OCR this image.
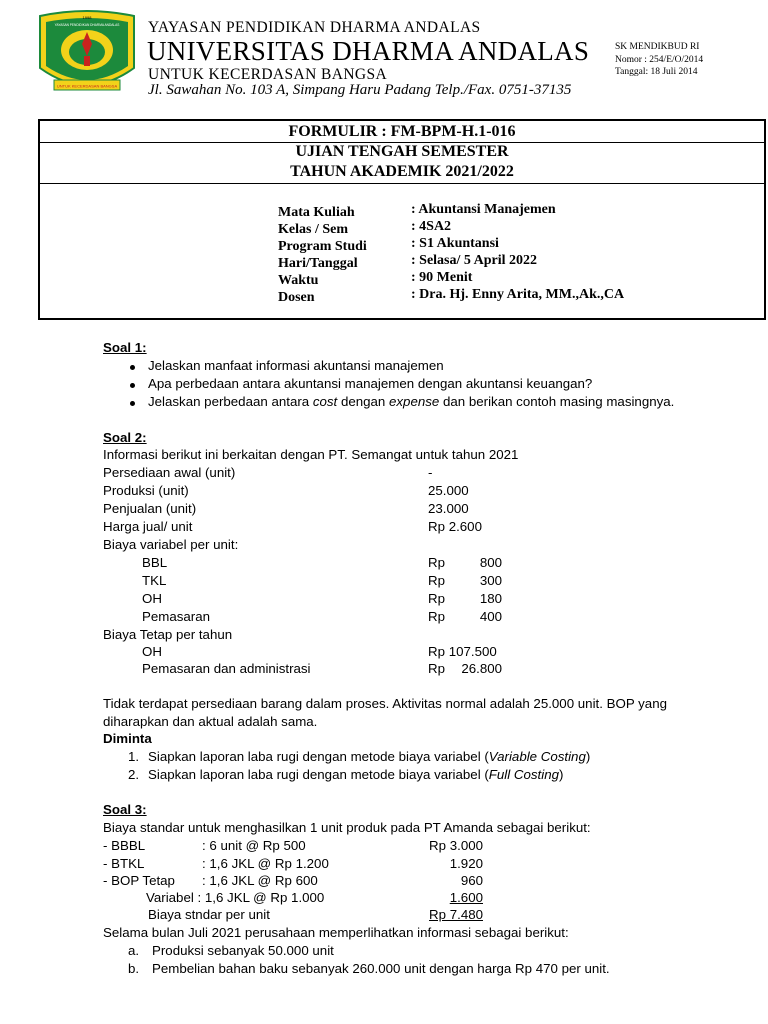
1998
YAYASAN PENDIDIKAN DHARMA ANDALAS
UNTUK KECERDASAN BANGSA
YAYASAN PENDIDIKAN DHARMA ANDALAS
UNIVERSITAS DHARMA ANDALAS
UNTUK KECERDASAN BANGSA
Jl. Sawahan No. 103 A, Simpang Haru Padang Telp./Fax. 0751-37135
SK MENDIKBUD RI
Nomor : 254/E/O/2014
Tanggal: 18 Juli 2014
FORMULIR : FM-BPM-H.1-016
UJIAN TENGAH SEMESTER
TAHUN AKADEMIK 2021/2022
Mata Kuliah	: Akuntansi Manajemen
Kelas / Sem	: 4SA2
Program Studi	: S1 Akuntansi
Hari/Tanggal	: Selasa/ 5 April 2022
Waktu	: 90 Menit
Dosen	: Dra. Hj. Enny Arita, MM.,Ak.,CA
Soal 1:
Jelaskan manfaat informasi akuntansi manajemen
Apa perbedaan antara akuntansi manajemen dengan akuntansi keuangan?
Jelaskan perbedaan antara cost dengan expense dan berikan contoh masing masingnya.
Soal 2:
Informasi berikut ini berkaitan dengan PT. Semangat untuk tahun 2021
Persediaan awal (unit)	-
Produksi (unit)	25.000
Penjualan (unit)	23.000
Harga jual/ unit	Rp 2.600
Biaya variabel per unit:
BBL	Rp	800
TKL	Rp	300
OH	Rp	180
Pemasaran	Rp	400
Biaya Tetap per tahun
OH	Rp 107.500
Pemasaran dan administrasi	Rp	26.800
Tidak terdapat persediaan barang dalam proses. Aktivitas normal adalah 25.000 unit. BOP yang
diharapkan dan aktual adalah sama.
Diminta
1. Siapkan laporan laba rugi dengan metode biaya variabel (Variable Costing)
2. Siapkan laporan laba rugi dengan metode biaya variabel (Full Costing)
Soal 3:
Biaya standar untuk menghasilkan 1 unit produk pada PT Amanda sebagai berikut:
- BBBL	: 6 unit @ Rp 500	Rp 3.000
- BTKL	: 1,6 JKL @ Rp 1.200	1.920
- BOP Tetap : 1,6 JKL @ Rp 600	960
Variabel : 1,6 JKL @ Rp 1.000	1.600
Biaya stndar per unit	Rp 7.480
Selama bulan Juli 2021 perusahaan memperlihatkan informasi sebagai berikut:
a. Produksi sebanyak 50.000 unit
b. Pembelian bahan baku sebanyak 260.000 unit dengan harga Rp 470 per unit.
